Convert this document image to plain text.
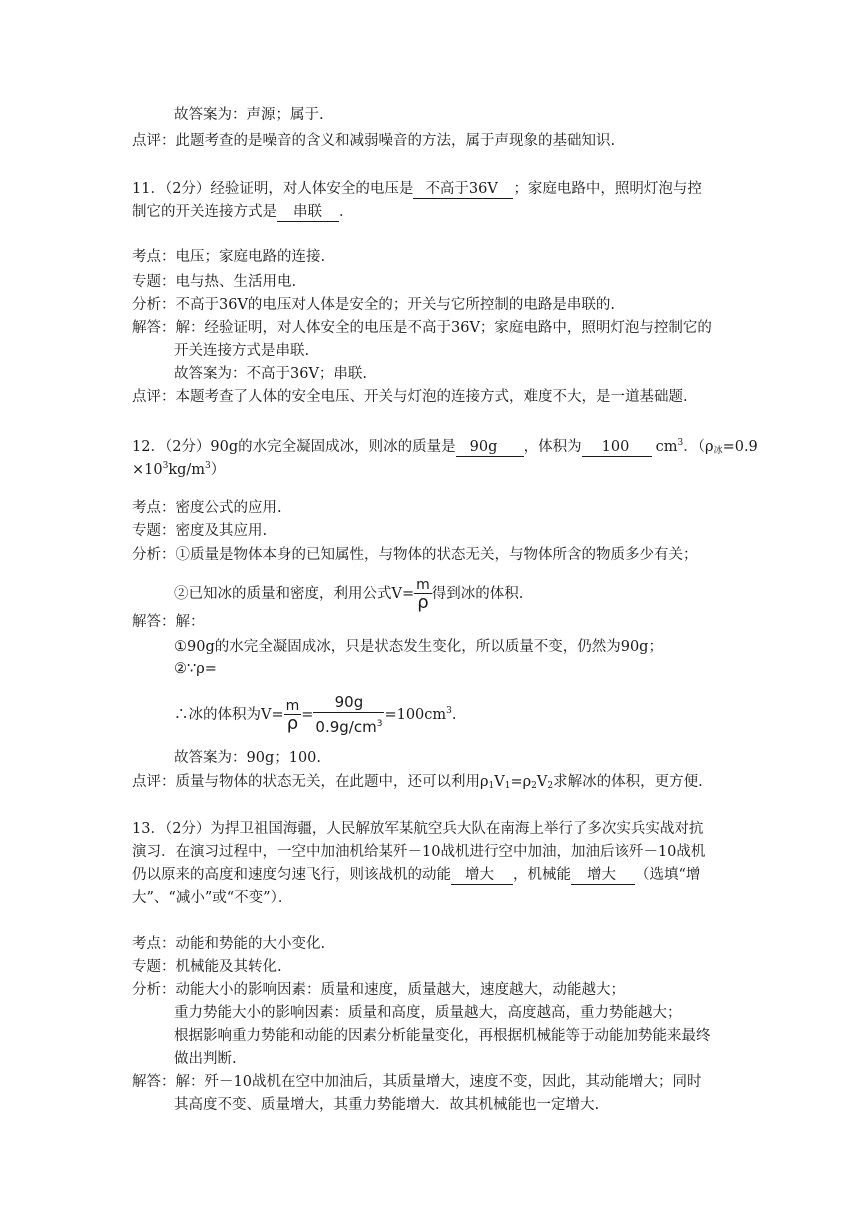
故答案为：声源；属于.
点评：此题考查的是噪音的含义和减弱噪音的方法，属于声现象的基础知识.
11．（2分）经验证明，对人体安全的电压是 不高于36V ；家庭电路中，照明灯泡与控
制它的开关连接方式是 串联 ．
考点：电压；家庭电路的连接.
专题：电与热、生活用电.
分析：不高于36V的电压对人体是安全的；开关与它所控制的电路是串联的.
解答：解：经验证明，对人体安全的电压是不高于36V；家庭电路中，照明灯泡与控制它的
开关连接方式是串联.
故答案为：不高于36V；串联.
点评：本题考查了人体的安全电压、开关与灯泡的连接方式，难度不大，是一道基础题.
12．（2分）90g的水完全凝固成冰，则冰的质量是 90g ，体积为 100 $cm^3$．（$\rho_冰=0.9$
$\times 10^3kg/m^3$）
考点：密度公式的应用.
专题：密度及其应用.
分析：①质量是物体本身的已知属性，与物体的状态无关，与物体所含的物质多少有关；
②已知冰的质量和密度，利用公式$V= \frac{m}{\rho}$ 得到冰的体积.
解答：解：
①90g的水完全凝固成冰，只是状态发生变化，所以质量不变，仍然为90g；
②∵ρ=
∴冰的体积为$V= \frac{m}{\rho} = \frac{90g}{0.9g/cm^3} =100cm^3$.
故答案为：90g；100.
点评：质量与物体的状态无关，在此题中，还可以利用$\rho_1V_1=\rho_2V_2$求解冰的体积，更方便.
13．（2分）为捍卫祖国海疆，人民解放军某航空兵大队在南海上举行了多次实兵实战对抗
演习．在演习过程中，一空中加油机给某歼－10战机进行空中加油，加油后该歼－10战机
仍以原来的高度和速度匀速飞行，则该战机的动能 增大 ，机械能 增大 （选填“增
大”、“减小”或“不变”）．
考点：动能和势能的大小变化.
专题：机械能及其转化.
分析：动能大小的影响因素：质量和速度，质量越大，速度越大，动能越大；
重力势能大小的影响因素：质量和高度，质量越大，高度越高，重力势能越大；
根据影响重力势能和动能的因素分析能量变化，再根据机械能等于动能加势能来最终
做出判断.
解答：解：歼－10战机在空中加油后，其质量增大，速度不变，因此，其动能增大；同时
其高度不变、质量增大，其重力势能增大．故其机械能也一定增大.
